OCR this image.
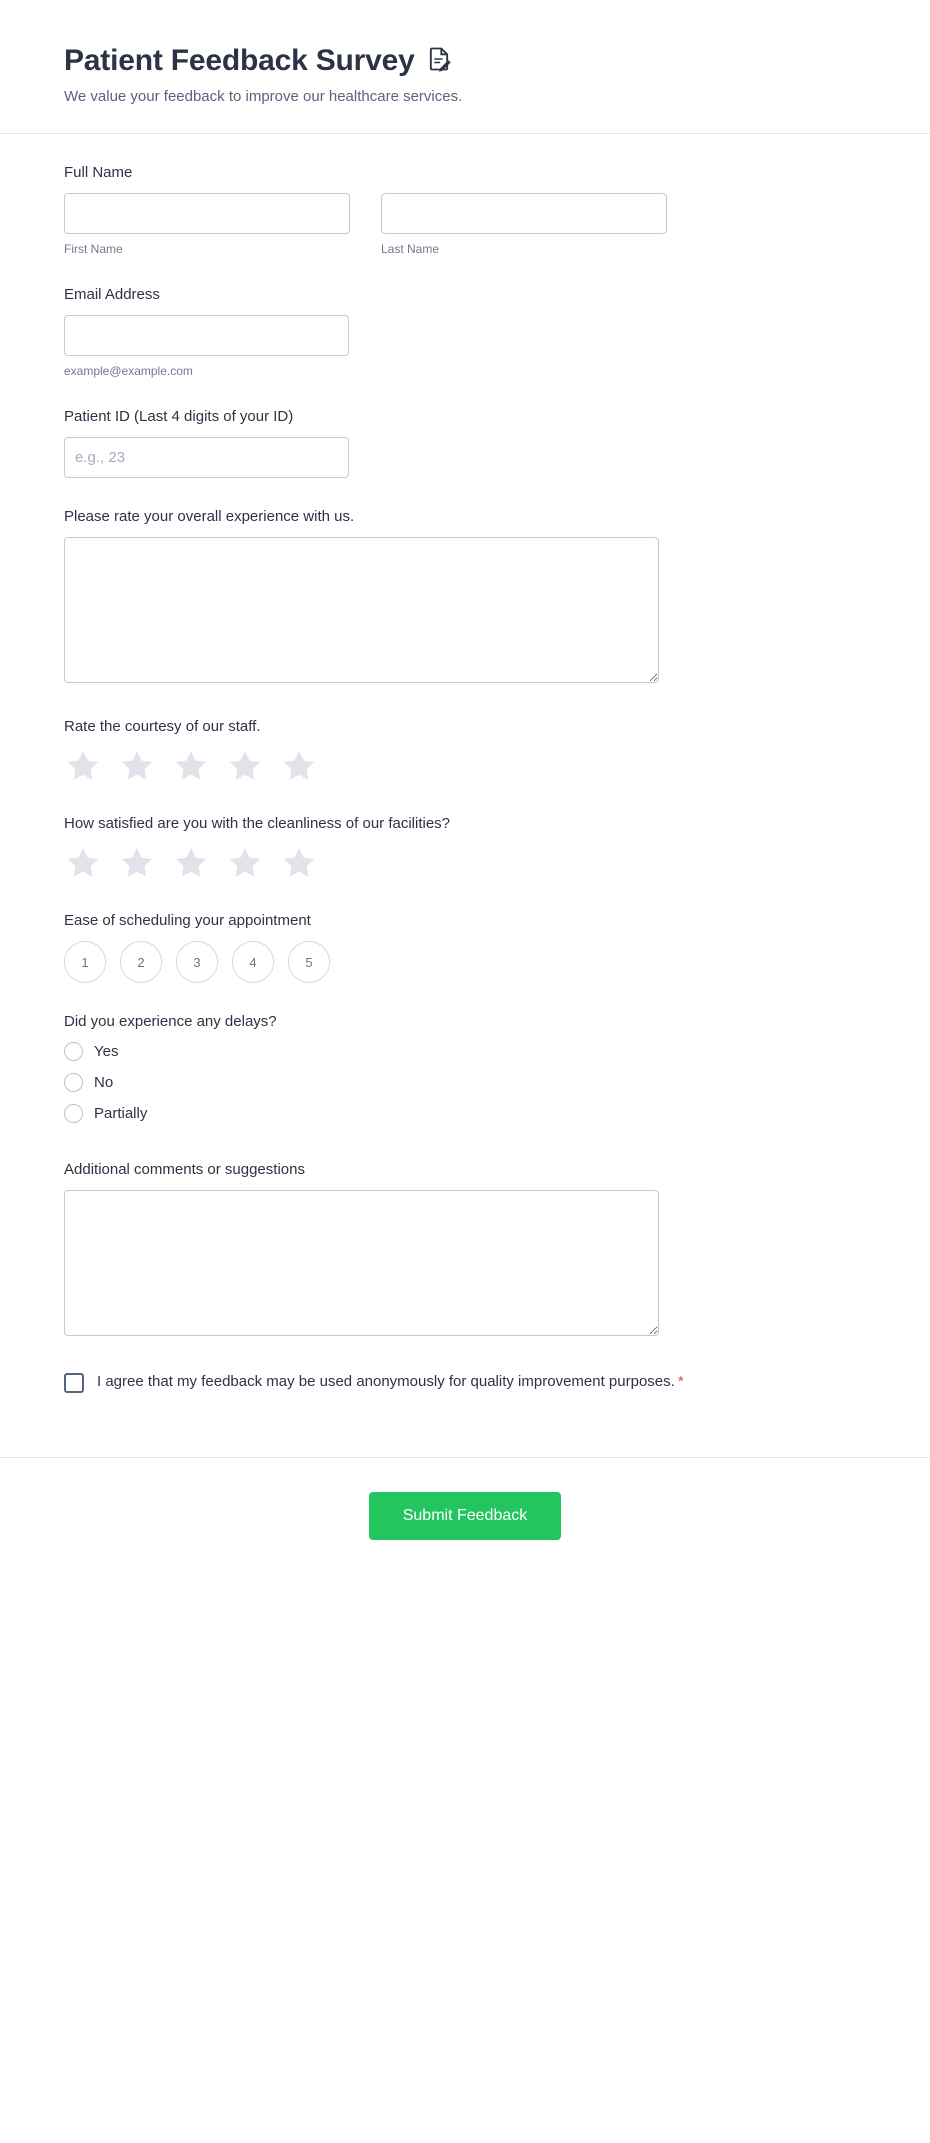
Patient Feedback Survey

We value your feedback to improve our healthcare services.

Full Name
First Name	Last Name
Email Address
example@example.com
Patient ID (Last 4 digits of your ID)
e.g., 23
Please rate your overall experience with us.
Rate the courtesy of our staff.
How satisfied are you with the cleanliness of our facilities?
Ease of scheduling your appointment
1	2	3	4	5
Did you experience any delays?
Yes
No
Partially
Additional comments or suggestions
I agree that my feedback may be used anonymously for quality improvement purposes. *
Submit Feedback
